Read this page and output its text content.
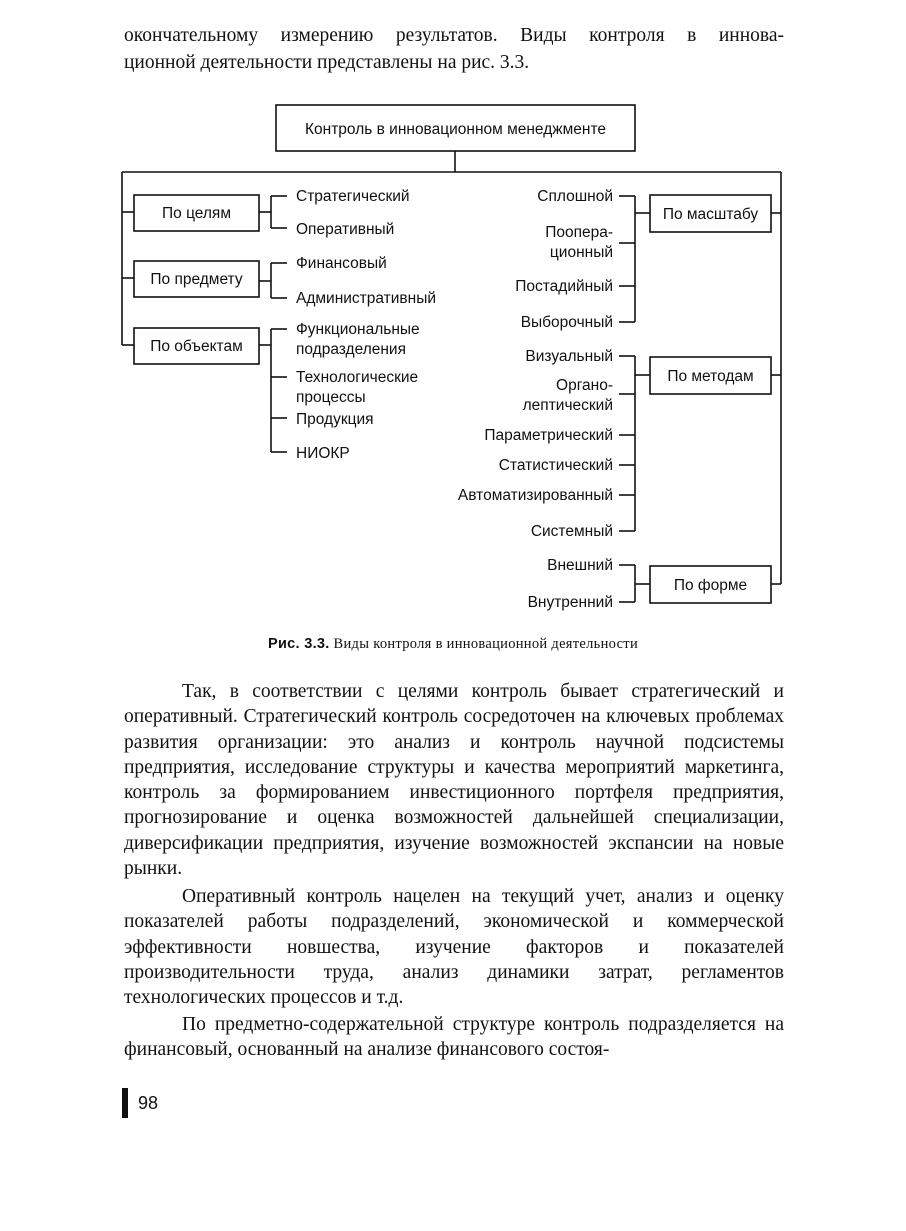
окончательному измерению результатов. Виды контроля в иннова-
ционной деятельности представлены на рис. 3.3.
Контроль в инновационном менеджменте
По целям
По предмету
По объектам
Стратегический
Оперативный
Финансовый
Административный
Функциональные
подразделения
Технологические
процессы
Продукция
НИОКР
По масштабу
По методам
По форме
Сплошной
Поопера-
ционный
Постадийный
Выборочный
Визуальный
Органо-
лептический
Параметрический
Статистический
Автоматизированный
Системный
Внешний
Внутренний
Рис. 3.3. Виды контроля в инновационной деятельности

Так, в соответствии с целями контроль бывает стратегический и оперативный. Стратегический контроль сосредоточен на ключевых проблемах развития организации: это анализ и контроль научной подсистемы предприятия, исследование структуры и качества мероприятий маркетинга, контроль за формированием инвестиционного портфеля предприятия, прогнозирование и оценка возможностей дальнейшей специализации, диверсификации предприятия, изучение возможностей экспансии на новые рынки.

Оперативный контроль нацелен на текущий учет, анализ и оценку показателей работы подразделений, экономической и коммерческой эффективности новшества, изучение факторов и показателей производительности труда, анализ динамики затрат, регламентов технологических процессов и т.д.

По предметно-содержательной структуре контроль подразделяется на финансовый, основанный на анализе финансового состоя-

98
